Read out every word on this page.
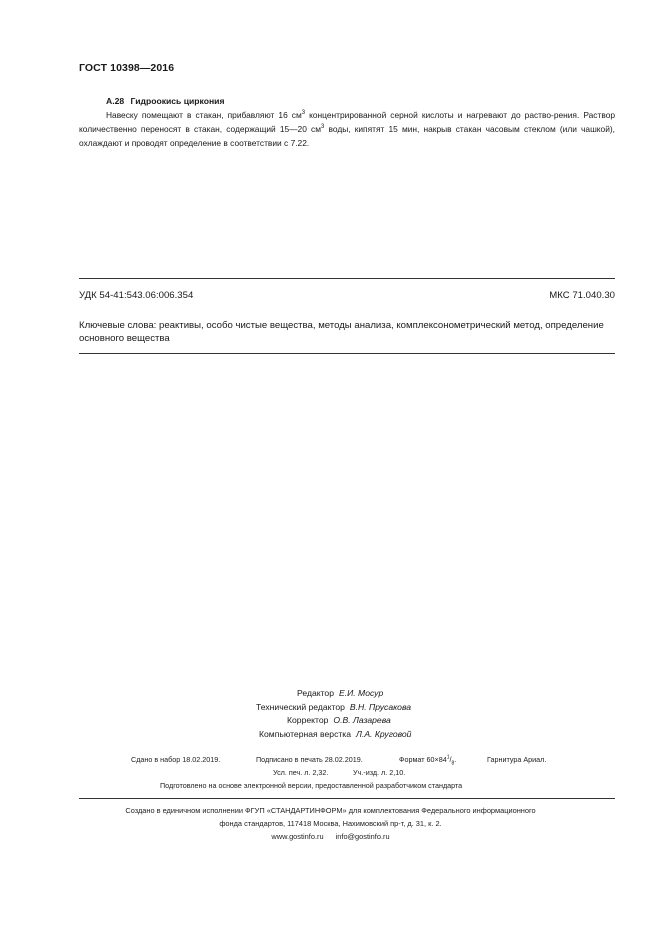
ГОСТ 10398—2016
А.28 Гидроокись циркония

Навеску помещают в стакан, прибавляют 16 $см^3$ концентрированной серной кислоты и нагревают до раство-рения. Раствор количественно переносят в стакан, содержащий 15—20 $см^3$ воды, кипятят 15 мин, накрыв стакан часовым стеклом (или чашкой), охлаждают и проводят определение в соответствии с 7.22.

УДК 54-41:543.06:006.354	МКС 71.040.30
Ключевые слова: реактивы, особо чистые вещества, методы анализа, комплексонометрический метод, определение основного вещества
Редактор Е.И. Мосур
Технический редактор В.Н. Прусакова
Корректор О.В. Лазарева
Компьютерная верстка Л.А. Круговой
Сдано в набор 18.02.2019.	Подписано в печать 28.02.2019.	Формат $60\times 84^1/_8$.	Гарнитура Ариал.
Усл. печ. л. 2,32.	Уч.-изд. л. 2,10.
Подготовлено на основе электронной версии, предоставленной разработчиком стандарта
Создано в единичном исполнении ФГУП «СТАНДАРТИНФОРМ» для комплектования Федерального информационного
фонда стандартов, 117418 Москва, Нахимовский пр-т, д. 31, к. 2.
www.gostinfo.ru info@gostinfo.ru
